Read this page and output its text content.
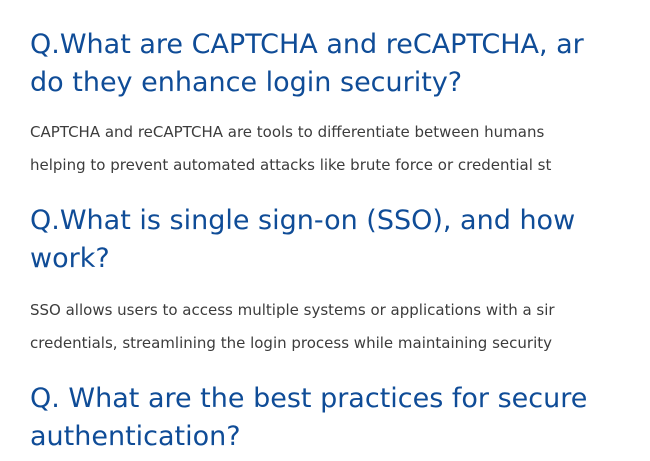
Q.What are CAPTCHA and reCAPTCHA, ar
do they enhance login security?

CAPTCHA and reCAPTCHA are tools to differentiate between humans
helping to prevent automated attacks like brute force or credential st

Q.What is single sign-on (SSO), and how
work?

SSO allows users to access multiple systems or applications with a sir
credentials, streamlining the login process while maintaining security

Q. What are the best practices for secure
authentication?
